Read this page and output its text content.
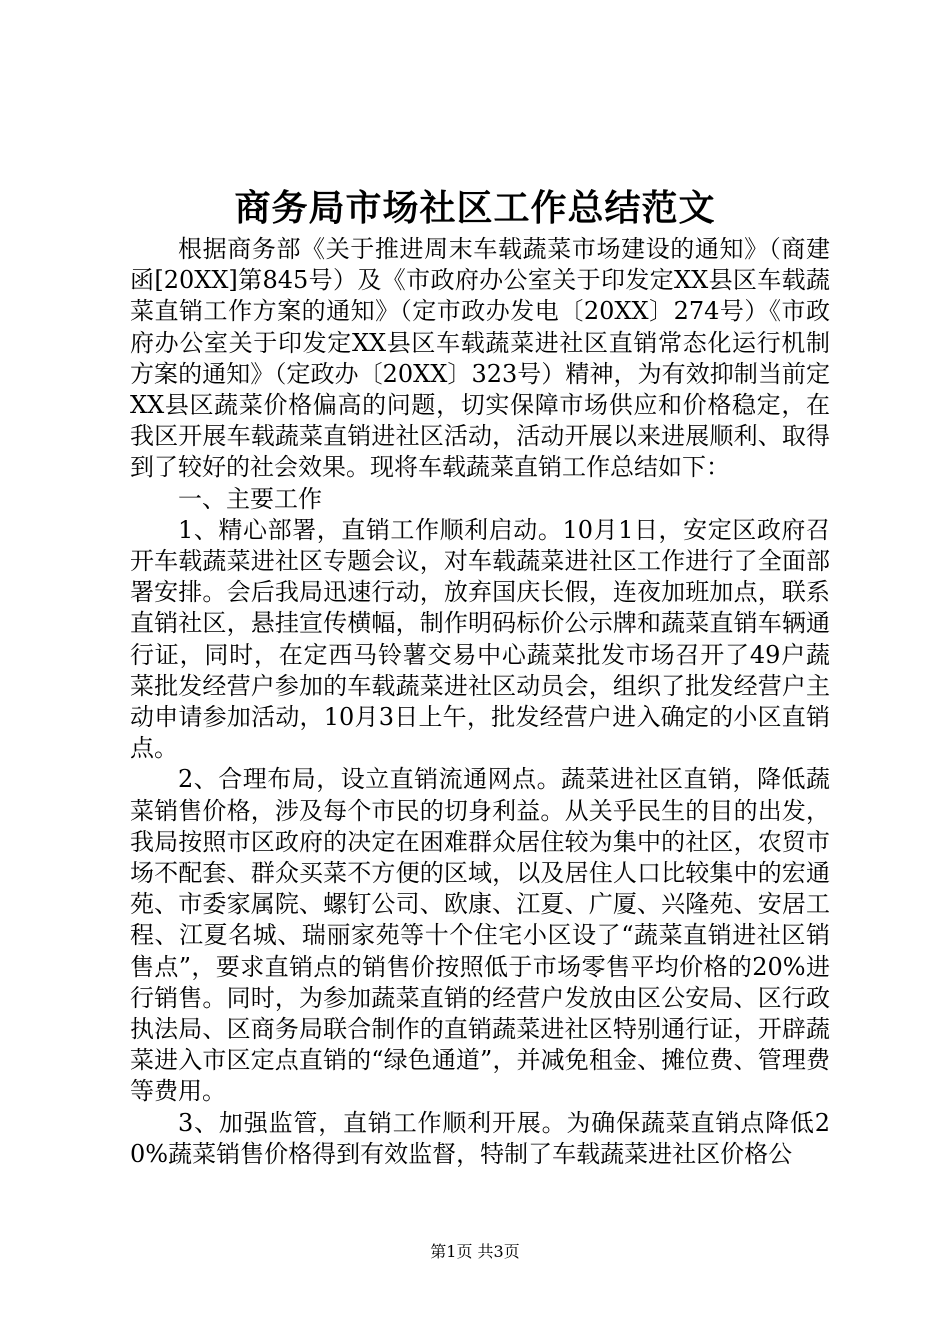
商务局市场社区工作总结范文

根据商务部《关于推进周末车载蔬菜市场建设的通知》（商建函[20XX]第845号）及《市政府办公室关于印发定XX县区车载蔬菜直销工作方案的通知》（定市政办发电〔20XX〕274号）《市政府办公室关于印发定XX县区车载蔬菜进社区直销常态化运行机制方案的通知》（定政办〔20XX〕323号）精神，为有效抑制当前定XX县区蔬菜价格偏高的问题，切实保障市场供应和价格稳定，在我区开展车载蔬菜直销进社区活动，活动开展以来进展顺利、取得到了较好的社会效果。现将车载蔬菜直销工作总结如下：

一、主要工作

1、精心部署，直销工作顺利启动。10月1日，安定区政府召开车载蔬菜进社区专题会议，对车载蔬菜进社区工作进行了全面部署安排。会后我局迅速行动，放弃国庆长假，连夜加班加点，联系直销社区，悬挂宣传横幅，制作明码标价公示牌和蔬菜直销车辆通行证，同时，在定西马铃薯交易中心蔬菜批发市场召开了49户蔬菜批发经营户参加的车载蔬菜进社区动员会，组织了批发经营户主动申请参加活动，10月3日上午，批发经营户进入确定的小区直销点。

2、合理布局，设立直销流通网点。蔬菜进社区直销，降低蔬菜销售价格，涉及每个市民的切身利益。从关乎民生的目的出发，我局按照市区政府的决定在困难群众居住较为集中的社区，农贸市场不配套、群众买菜不方便的区域，以及居住人口比较集中的宏通苑、市委家属院、螺钉公司、欧康、江夏、广厦、兴隆苑、安居工程、江夏名城、瑞丽家苑等十个住宅小区设了“蔬菜直销进社区销售点”，要求直销点的销售价按照低于市场零售平均价格的20%进行销售。同时，为参加蔬菜直销的经营户发放由区公安局、区行政执法局、区商务局联合制作的直销蔬菜进社区特别通行证，开辟蔬菜进入市区定点直销的“绿色通道”，并减免租金、摊位费、管理费等费用。

3、加强监管，直销工作顺利开展。为确保蔬菜直销点降低20%蔬菜销售价格得到有效监督，特制了车载蔬菜进社区价格公

第1页 共3页
